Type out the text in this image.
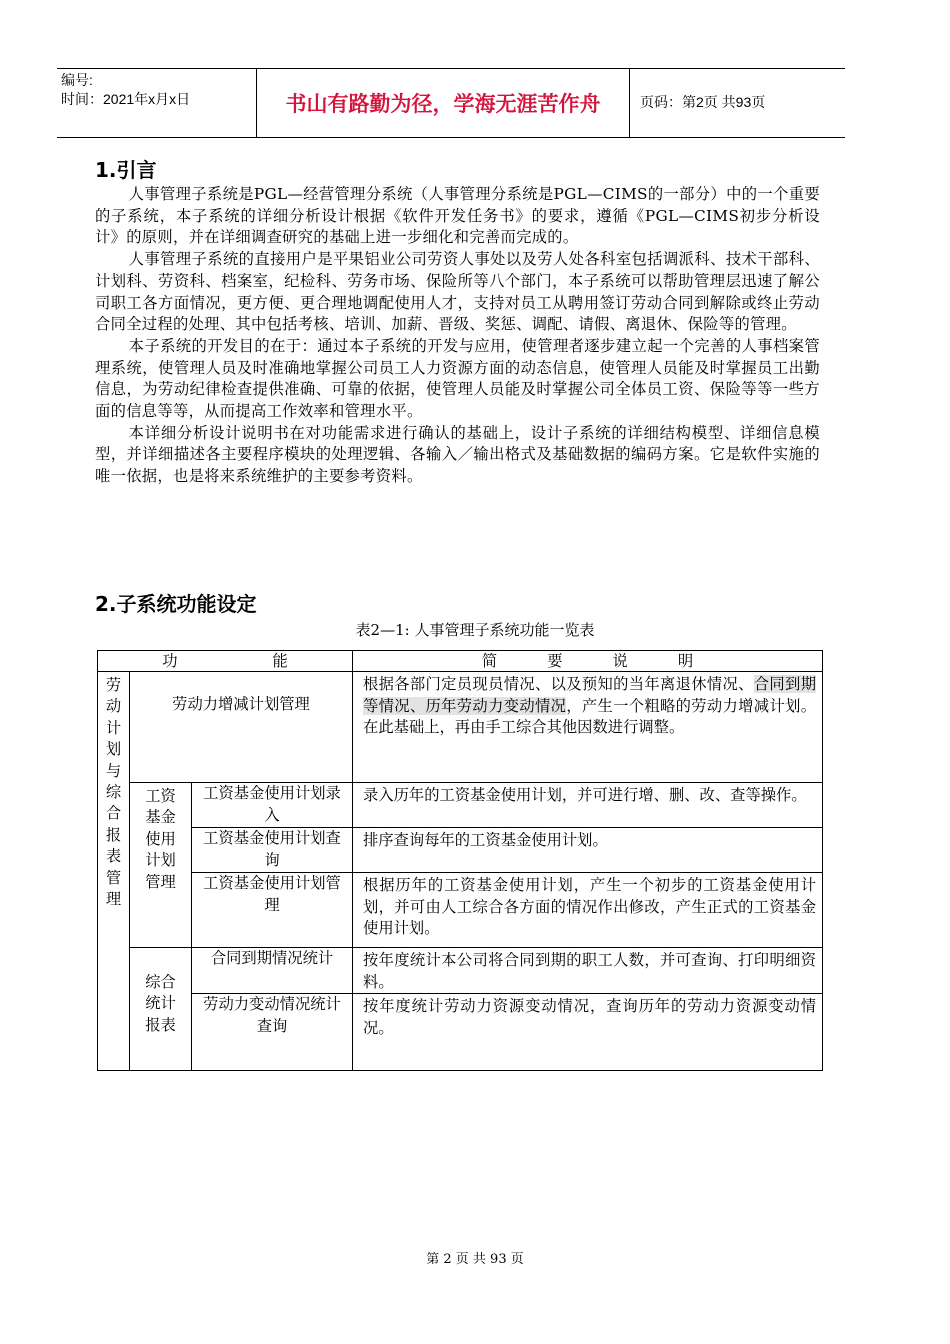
编号:
时间：2021年x月x日	书山有路勤为径，学海无涯苦作舟	页码：第2页 共93页
1.引言

人事管理子系统是PGL—经营管理分系统（人事管理分系统是PGL—CIMS的一部分）中的一个重要的子系统，本子系统的详细分析设计根据《软件开发任务书》的要求，遵循《PGL—CIMS初步分析设计》的原则，并在详细调查研究的基础上进一步细化和完善而完成的。

人事管理子系统的直接用户是平果铝业公司劳资人事处以及劳人处各科室包括调派科、技术干部科、计划科、劳资科、档案室，纪检科、劳务市场、保险所等八个部门，本子系统可以帮助管理层迅速了解公司职工各方面情况，更方便、更合理地调配使用人才，支持对员工从聘用签订劳动合同到解除或终止劳动合同全过程的处理、其中包括考核、培训、加薪、晋级、奖惩、调配、请假、离退休、保险等的管理。

本子系统的开发目的在于：通过本子系统的开发与应用，使管理者逐步建立起一个完善的人事档案管理系统，使管理人员及时准确地掌握公司员工人力资源方面的动态信息，使管理人员能及时掌握员工出勤信息，为劳动纪律检查提供准确、可靠的依据，使管理人员能及时掌握公司全体员工资、保险等等一些方面的信息等等，从而提高工作效率和管理水平。

本详细分析设计说明书在对功能需求进行确认的基础上，设计子系统的详细结构模型、详细信息模型，并详细描述各主要程序模块的处理逻辑、各输入／输出格式及基础数据的编码方案。它是软件实施的唯一依据，也是将来系统维护的主要参考资料。

2.子系统功能设定
表2—1: 人事管理子系统功能一览表
功 能			简 要 说 明

劳动计划与综合报表管理	劳动力增减计划管理		根据各部门定员现员情况、以及预知的当年离退休情况、合同到期等情况、历年劳动力变动情况，产生一个粗略的劳动力增减计划。在此基础上，再由手工综合其他因数进行调整。

	工资基金使用计划管理	工资基金使用计划录入	录入历年的工资基金使用计划，并可进行增、删、改、查等操作。
		工资基金使用计划查询	排序查询每年的工资基金使用计划。
		工资基金使用计划管理	根据历年的工资基金使用计划，产生一个初步的工资基金使用计划，并可由人工综合各方面的情况作出修改，产生正式的工资基金使用计划。

	综合统计报表	合同到期情况统计	按年度统计本公司将合同到期的职工人数，并可查询、打印明细资料。
		劳动力变动情况统计查询	按年度统计劳动力资源变动情况，查询历年的劳动力资源变动情况。
第 2 页 共 93 页
